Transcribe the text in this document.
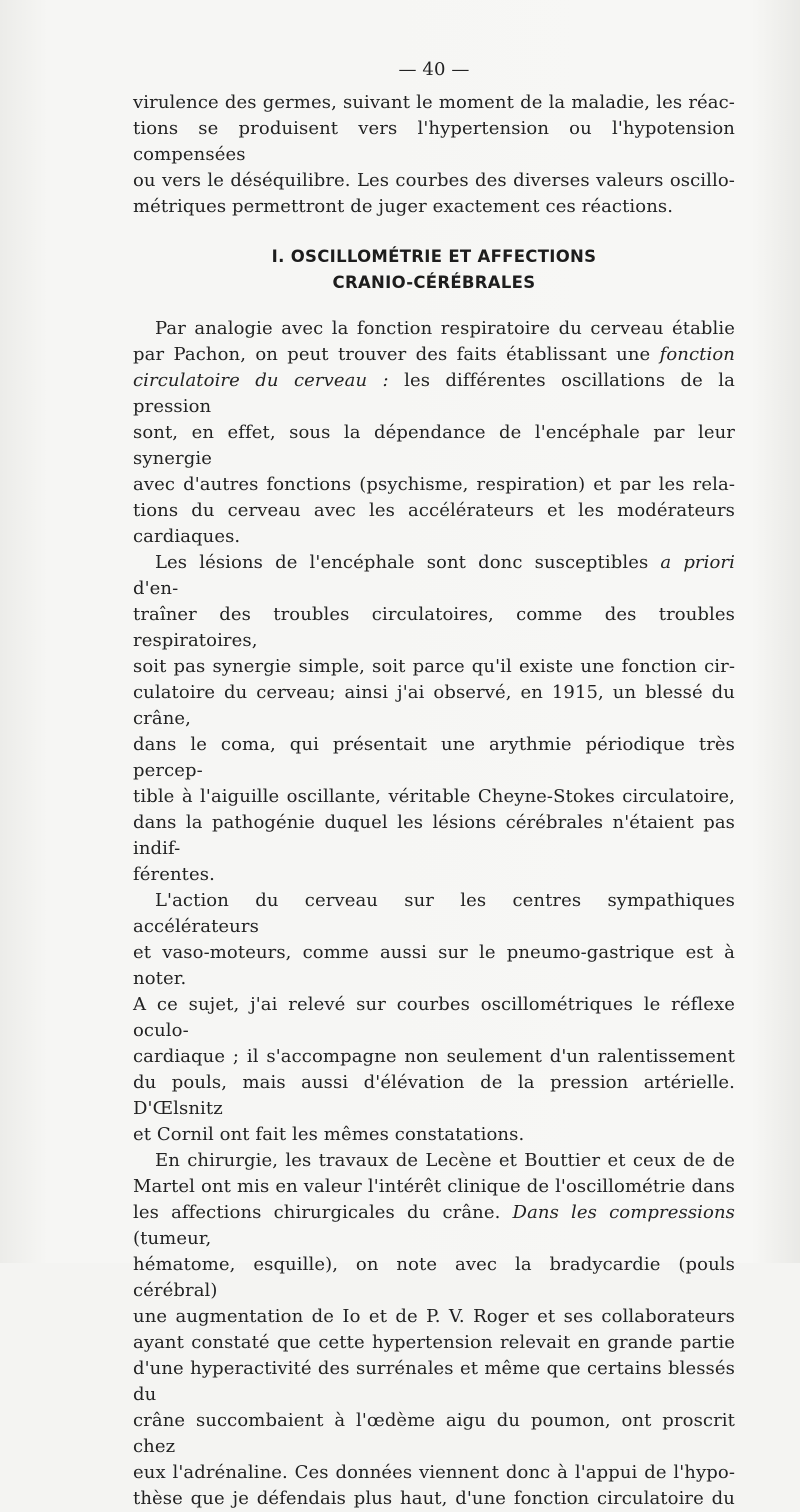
— 40 —

virulence des germes, suivant le moment de la maladie, les réac-
tions se produisent vers l'hypertension ou l'hypotension compensées
ou vers le déséquilibre. Les courbes des diverses valeurs oscillo-
métriques permettront de juger exactement ces réactions.

I. OSCILLOMÉTRIE ET AFFECTIONS
CRANIO-CÉRÉBRALES

Par analogie avec la fonction respiratoire du cerveau établie
par Pachon, on peut trouver des faits établissant une fonction
circulatoire du cerveau : les différentes oscillations de la pression
sont, en effet, sous la dépendance de l'encéphale par leur synergie
avec d'autres fonctions (psychisme, respiration) et par les rela-
tions du cerveau avec les accélérateurs et les modérateurs
cardiaques.

Les lésions de l'encéphale sont donc susceptibles a priori d'en-
traîner des troubles circulatoires, comme des troubles respiratoires,
soit pas synergie simple, soit parce qu'il existe une fonction cir-
culatoire du cerveau; ainsi j'ai observé, en 1915, un blessé du crâne,
dans le coma, qui présentait une arythmie périodique très percep-
tible à l'aiguille oscillante, véritable Cheyne-Stokes circulatoire,
dans la pathogénie duquel les lésions cérébrales n'étaient pas indif-
férentes.

L'action du cerveau sur les centres sympathiques accélérateurs
et vaso-moteurs, comme aussi sur le pneumo-gastrique est à noter.
A ce sujet, j'ai relevé sur courbes oscillométriques le réflexe oculo-
cardiaque ; il s'accompagne non seulement d'un ralentissement
du pouls, mais aussi d'élévation de la pression artérielle. D'Œlsnitz
et Cornil ont fait les mêmes constatations.

En chirurgie, les travaux de Lecène et Bouttier et ceux de de
Martel ont mis en valeur l'intérêt clinique de l'oscillométrie dans
les affections chirurgicales du crâne. Dans les compressions (tumeur,
hématome, esquille), on note avec la bradycardie (pouls cérébral)
une augmentation de Io et de P. V. Roger et ses collaborateurs
ayant constaté que cette hypertension relevait en grande partie
d'une hyperactivité des surrénales et même que certains blessés du
crâne succombaient à l'œdème aigu du poumon, ont proscrit chez
eux l'adrénaline. Ces données viennent donc à l'appui de l'hypo-
thèse que je défendais plus haut, d'une fonction circulatoire du
